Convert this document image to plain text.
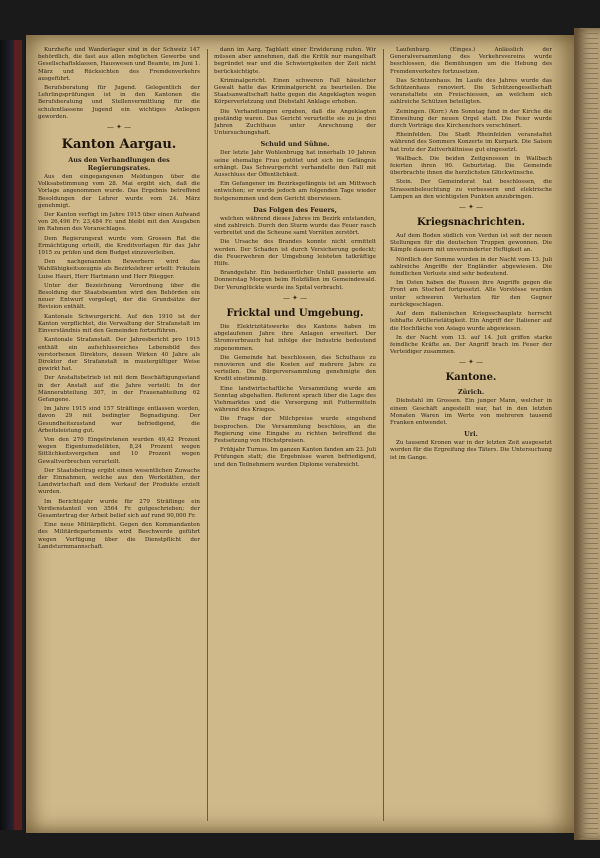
Kurzhefte und Wanderlager sind in der Schweiz 147 behördlich, die fast aus allen möglichen Gewerbe und Gesellschaftsklassen, Hauswesen und Beamte, im Juni 1. März und Rücksichten des Fremdenverkehrs ausgeführt.

Berufsberatung für Jugend. Gelegentlich der Lehrlingsprüfungen ist in den Kantonen die Berufsberatung und Stellenvermittlung für die schulentlassene Jugend ein wichtiges Anliegen geworden.

— ✦ —
Kanton Aargau.
Aus den Verhandlungen des Regierungsrates.

Aus den eingegangenen Meldungen über die Volksabstimmung vom 28. Mai ergibt sich, daß die Vorlage angenommen wurde. Das Ergebnis betreffend Besoldungen der Lehrer wurde vom 24. März genehmigt.

Der Kanton verfügt im Jahre 1915 über einen Aufwand von 26,496 Fr. 23,484 Fr. und bleibt mit den Ausgaben im Rahmen des Voranschlages.

Dem Regierungsrat wurde vom Grossen Rat die Ermächtigung erteilt, die Kreditvorlagen für das Jahr 1915 zu prüfen und dem Budget einzuverleiben.

Den nachgenannten Bewerbern wird das Wahlfähigkeitszeugnis als Bezirkslehrer erteilt: Fräulein Luise Hauri, Herr Hartmann und Herr Rüegger.

Unter der Bezeichnung Verordnung über die Besoldung der Staatsbeamten wird den Behörden ein neuer Entwurf vorgelegt, der die Grundsätze der Revision enthält.

Kantonale Schwurgericht. Auf den 1910 ist der Kanton verpflichtet, die Verwaltung der Strafanstalt im Einverständnis mit den Gemeinden fortzuführen.

Kantonale Strafanstalt. Der Jahresbericht pro 1915 enthält ein aufschlussreiches Lebensbild des verstorbenen Direktors, dessen Wirken 40 Jahre als Direktor der Strafanstalt in mustergültiger Weise gewirkt hat.

Der Anstaltsbetrieb ist mit dem Beschäftigungsstand in der Anstalt auf die Jahre verteilt: In der Männerabteilung 307, in der Frauenabteilung 62 Gefangene.

Im Jahre 1915 sind 157 Sträflinge entlassen worden, davon 29 mit bedingter Begnadigung. Der Gesundheitszustand war befriedigend, die Arbeitsleistung gut.

Von den 270 Eingetretenen wurden 49,42 Prozent wegen Eigentumsdelikten, 8,24 Prozent wegen Sittlichkeitsvergehen und 10 Prozent wegen Gewaltverbrechen verurteilt.

Der Staatsbeitrag ergibt einen wesentlichen Zuwachs der Einnahmen, welche aus den Werkstätten, der Landwirtschaft und dem Verkauf der Produkte erzielt wurden.

Im Berichtsjahr wurde für 279 Sträflinge ein Verdienstanteil von 3564 Fr. gutgeschrieben; der Gesamtertrag der Arbeit belief sich auf rund 90,000 Fr.

Eine neue Militärpflicht. Gegen den Kommandanten des Militärdepartements wird Beschwerde geführt wegen Verfügung über die Dienstpflicht der Landsturmmannschaft.

dann im Aarg. Tagblatt einer Erwiderung rufen. Wir müssen aber annehmen, daß die Kritik nur mangelhaft begründet war und die Schwierigkeiten der Zeit nicht berücksichtigte.

Kriminalgericht. Einen schweren Fall häuslicher Gewalt hatte das Kriminalgericht zu beurteilen. Die Staatsanwaltschaft hatte gegen die Angeklagten wegen Körperverletzung und Diebstahl Anklage erhoben.

Die Verhandlungen ergaben, daß die Angeklagten geständig waren. Das Gericht verurteilte sie zu je drei Jahren Zuchthaus unter Anrechnung der Untersuchungshaft.

Schuld und Sühne.

Der letzte Jahr Wohlenbrugg hat innerhalb 10 Jahren seine ehemalige Frau getötet und sich im Gefängnis erhängt. Das Schwurgericht verhandelte den Fall mit Ausschluss der Öffentlichkeit.

Ein Gefangener im Bezirksgefängnis ist am Mittwoch entwichen; er wurde jedoch am folgenden Tage wieder festgenommen und dem Gericht überwiesen.

Das Folgen des Feuers,

welchen während dieses Jahres im Bezirk entstanden, sind zahlreich. Durch den Sturm wurde das Feuer rasch verbreitet und die Scheune samt Vorräten zerstört.

Die Ursache des Brandes konnte nicht ermittelt werden. Der Schaden ist durch Versicherung gedeckt; die Feuerwehren der Umgebung leisteten tatkräftige Hilfe.

Brandgefahr. Ein bedauerlicher Unfall passierte am Donnerstag Morgen beim Holzfällen im Gemeindewald. Der Verunglückte wurde ins Spital verbracht.

— ✦ —
Fricktal und Umgebung.

Die Elektrizitätswerke des Kantons haben im abgelaufenen Jahre ihre Anlagen erweitert. Der Stromverbrauch hat infolge der Industrie bedeutend zugenommen.

Die Gemeinde hat beschlossen, das Schulhaus zu renovieren und die Kosten auf mehrere Jahre zu verteilen. Die Bürgerversammlung genehmigte den Kredit einstimmig.

Eine landwirtschaftliche Versammlung wurde am Sonntag abgehalten. Referent sprach über die Lage des Viehmarktes und die Versorgung mit Futtermitteln während des Krieges.

Die Frage der Milchpreise wurde eingehend besprochen. Die Versammlung beschloss, an die Regierung eine Eingabe zu richten betreffend die Festsetzung von Höchstpreisen.

Frühjahr Turnus. Im ganzen Kanton fanden am 23. Juli Prüfungen statt; die Ergebnisse waren befriedigend, und den Teilnehmern wurden Diplome verabreicht.

Laufenburg. (Einges.) Anlässlich der Generalversammlung des Verkehrsvereins wurde beschlossen, die Bemühungen um die Hebung des Fremdenverkehrs fortzusetzen.

Das Schützenhaus. Im Laufe des Jahres wurde das Schützenhaus renoviert. Die Schützengesellschaft veranstaltete ein Freischiessen, an welchem sich zahlreiche Schützen beteiligten.

Zeiningen. (Korr.) Am Sonntag fand in der Kirche die Einweihung der neuen Orgel statt. Die Feier wurde durch Vorträge des Kirchenchors verschönert.

Rheinfelden. Die Stadt Rheinfelden veranstaltet während des Sommers Konzerte im Kurpark. Die Saison hat trotz der Zeitverhältnisse gut eingesetzt.

Wallbach. Die beiden Zeitgenossen in Wallbach feierten ihren 90. Geburtstag. Die Gemeinde überbrachte ihnen die herzlichsten Glückwünsche.

Stein. Der Gemeinderat hat beschlossen, die Strassenbeleuchtung zu verbessern und elektrische Lampen an den wichtigsten Punkten anzubringen.

— ✦ —
Kriegsnachrichten.

Auf dem Boden südlich von Verdun ist seit der neuen Stellungen für die deutschen Truppen gewonnen. Die Kämpfe dauern mit unverminderter Heftigkeit an.

Nördlich der Somme wurden in der Nacht vom 13. Juli zahlreiche Angriffe der Engländer abgewiesen. Die feindlichen Verluste sind sehr bedeutend.

Im Osten haben die Russen ihre Angriffe gegen die Front am Stochod fortgesetzt. Alle Vorstösse wurden unter schweren Verlusten für den Gegner zurückgeschlagen.

Auf dem italienischen Kriegsschauplatz herrscht lebhafte Artillerietätigkeit. Ein Angriff der Italiener auf die Hochfläche von Asiago wurde abgewiesen.

In der Nacht vom 13. auf 14. Juli griffen starke feindliche Kräfte an. Der Angriff brach im Feuer der Verteidiger zusammen.

— ✦ —
Kantone.
Zürich.

Diebstahl im Grossen. Ein junger Mann, welcher in einem Geschäft angestellt war, hat in den letzten Monaten Waren im Werte von mehreren tausend Franken entwendet.

Uri.

Zu tausend Kronen war in der letzten Zeit ausgesetzt worden für die Ergreifung des Täters. Die Untersuchung ist im Gange.
